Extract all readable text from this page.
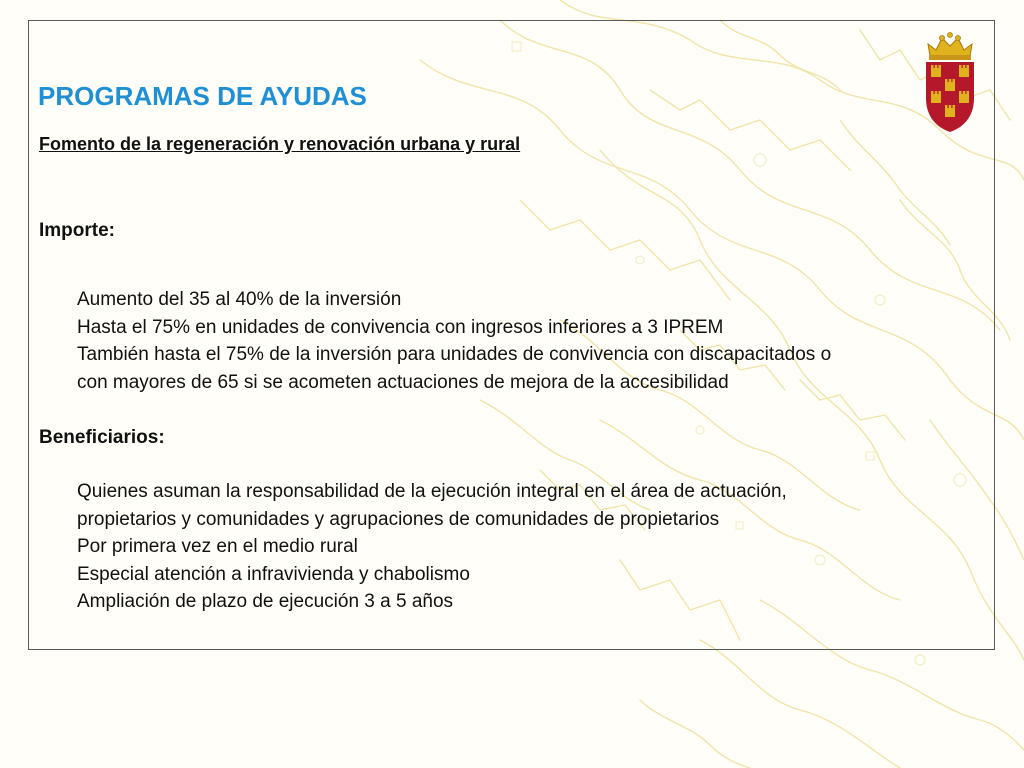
PROGRAMAS DE AYUDAS
Fomento de la regeneración y renovación urbana y rural
Importe:
Aumento del 35 al 40% de la inversión
Hasta el 75% en unidades de convivencia con ingresos inferiores a 3 IPREM
También hasta el 75% de la inversión para unidades de convivencia con discapacitados o
con mayores de 65 si se acometen actuaciones de mejora de la accesibilidad
Beneficiarios:
Quienes asuman la responsabilidad de la ejecución integral en el área de actuación,
propietarios y comunidades y agrupaciones de comunidades de propietarios
Por primera vez en el medio rural
Especial atención a infravivienda y chabolismo
Ampliación de plazo de ejecución 3 a 5 años
